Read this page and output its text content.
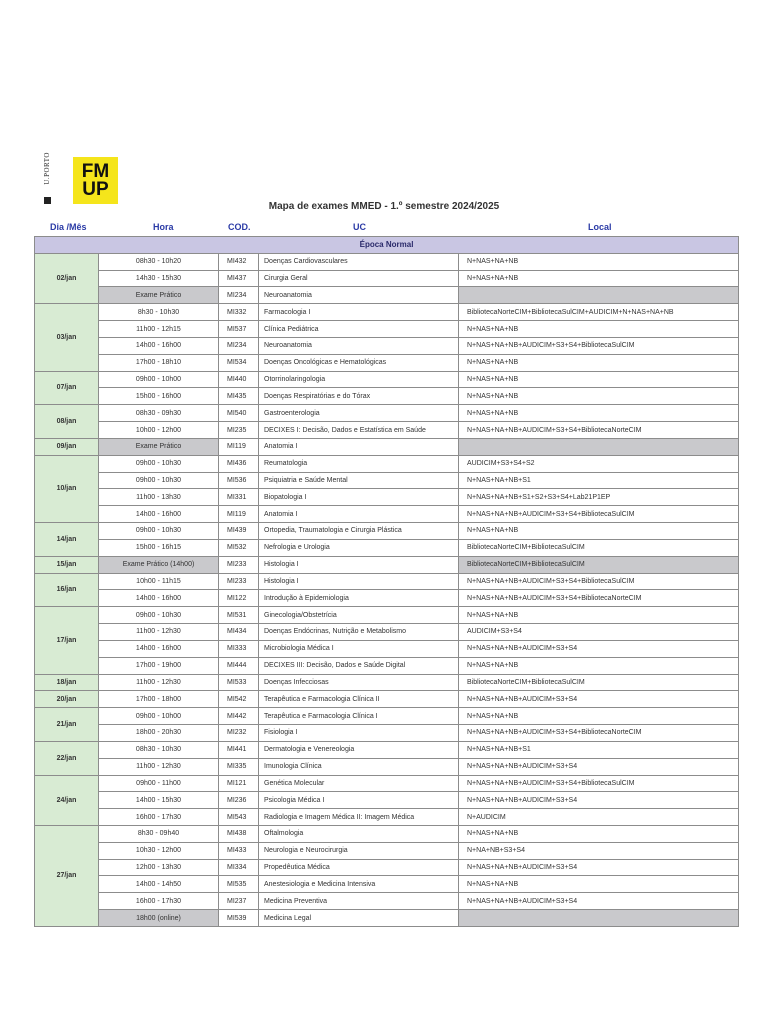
U.PORTO FM
UP
Mapa de exames MMED - 1.º semestre 2024/2025
Dia /Mês	Hora	COD.	UC	Local
Época Normal				
02/jan	08h30 - 10h20	MI432	Doenças Cardiovasculares	N+NAS+NA+NB
	14h30 - 15h30	MI437	Cirurgia Geral	N+NAS+NA+NB
	Exame Prático	MI234	Neuroanatomia	
03/jan	8h30 - 10h30	MI332	Farmacologia I	BibliotecaNorteCIM+BibliotecaSulCIM+AUDICIM+N+NAS+NA+NB
	11h00 - 12h15	MI537	Clínica Pediátrica	N+NAS+NA+NB
	14h00 - 16h00	MI234	Neuroanatomia	N+NAS+NA+NB+AUDICIM+S3+S4+BibliotecaSulCIM
	17h00 - 18h10	MI534	Doenças Oncológicas e Hematológicas	N+NAS+NA+NB
07/jan	09h00 - 10h00	MI440	Otorrinolaringologia	N+NAS+NA+NB
	15h00 - 16h00	MI435	Doenças Respiratórias e do Tórax	N+NAS+NA+NB
08/jan	08h30 - 09h30	MI540	Gastroenterologia	N+NAS+NA+NB
	10h00 - 12h00	MI235	DECIXES I: Decisão, Dados e Estatística em Saúde	N+NAS+NA+NB+AUDICIM+S3+S4+BibliotecaNorteCIM
09/jan	Exame Prático	MI119	Anatomia I	
10/jan	09h00 - 10h30	MI436	Reumatologia	AUDICIM+S3+S4+S2
	09h00 - 10h30	MI536	Psiquiatria e Saúde Mental	N+NAS+NA+NB+S1
	11h00 - 13h30	MI331	Biopatologia I	N+NAS+NA+NB+S1+S2+S3+S4+Lab21P1EP
	14h00 - 16h00	MI119	Anatomia I	N+NAS+NA+NB+AUDICIM+S3+S4+BibliotecaSulCIM
14/jan	09h00 - 10h30	MI439	Ortopedia, Traumatologia e Cirurgia Plástica	N+NAS+NA+NB
	15h00 - 16h15	MI532	Nefrologia e Urologia	BibliotecaNorteCIM+BibliotecaSulCIM
15/jan	Exame Prático (14h00)	MI233	Histologia I	BibliotecaNorteCIM+BibliotecaSulCIM
16/jan	10h00 - 11h15	MI233	Histologia I	N+NAS+NA+NB+AUDICIM+S3+S4+BibliotecaSulCIM
	14h00 - 16h00	MI122	Introdução à Epidemiologia	N+NAS+NA+NB+AUDICIM+S3+S4+BibliotecaNorteCIM
17/jan	09h00 - 10h30	MI531	Ginecologia/Obstetrícia	N+NAS+NA+NB
	11h00 - 12h30	MI434	Doenças Endócrinas, Nutrição e Metabolismo	AUDICIM+S3+S4
	14h00 - 16h00	MI333	Microbiologia Médica I	N+NAS+NA+NB+AUDICIM+S3+S4
	17h00 - 19h00	MI444	DECIXES III: Decisão, Dados e Saúde Digital	N+NAS+NA+NB
18/jan	11h00 - 12h30	MI533	Doenças Infecciosas	BibliotecaNorteCIM+BibliotecaSulCIM
20/jan	17h00 - 18h00	MI542	Terapêutica e Farmacologia Clínica II	N+NAS+NA+NB+AUDICIM+S3+S4
21/jan	09h00 - 10h00	MI442	Terapêutica e Farmacologia Clínica I	N+NAS+NA+NB
	18h00 - 20h30	MI232	Fisiologia I	N+NAS+NA+NB+AUDICIM+S3+S4+BibliotecaNorteCIM
22/jan	08h30 - 10h30	MI441	Dermatologia e Venereologia	N+NAS+NA+NB+S1
	11h00 - 12h30	MI335	Imunologia Clínica	N+NAS+NA+NB+AUDICIM+S3+S4
24/jan	09h00 - 11h00	MI121	Genética Molecular	N+NAS+NA+NB+AUDICIM+S3+S4+BibliotecaSulCIM
	14h00 - 15h30	MI236	Psicologia Médica I	N+NAS+NA+NB+AUDICIM+S3+S4
	16h00 - 17h30	MI543	Radiologia e Imagem Médica II: Imagem Médica	N+AUDICIM
27/jan	8h30 - 09h40	MI438	Oftalmologia	N+NAS+NA+NB
	10h30 - 12h00	MI433	Neurologia e Neurocirurgia	N+NA+NB+S3+S4
	12h00 - 13h30	MI334	Propedêutica Médica	N+NAS+NA+NB+AUDICIM+S3+S4
	14h00 - 14h50	MI535	Anestesiologia e Medicina Intensiva	N+NAS+NA+NB
	16h00 - 17h30	MI237	Medicina Preventiva	N+NAS+NA+NB+AUDICIM+S3+S4
	18h00 (online)	MI539	Medicina Legal	
